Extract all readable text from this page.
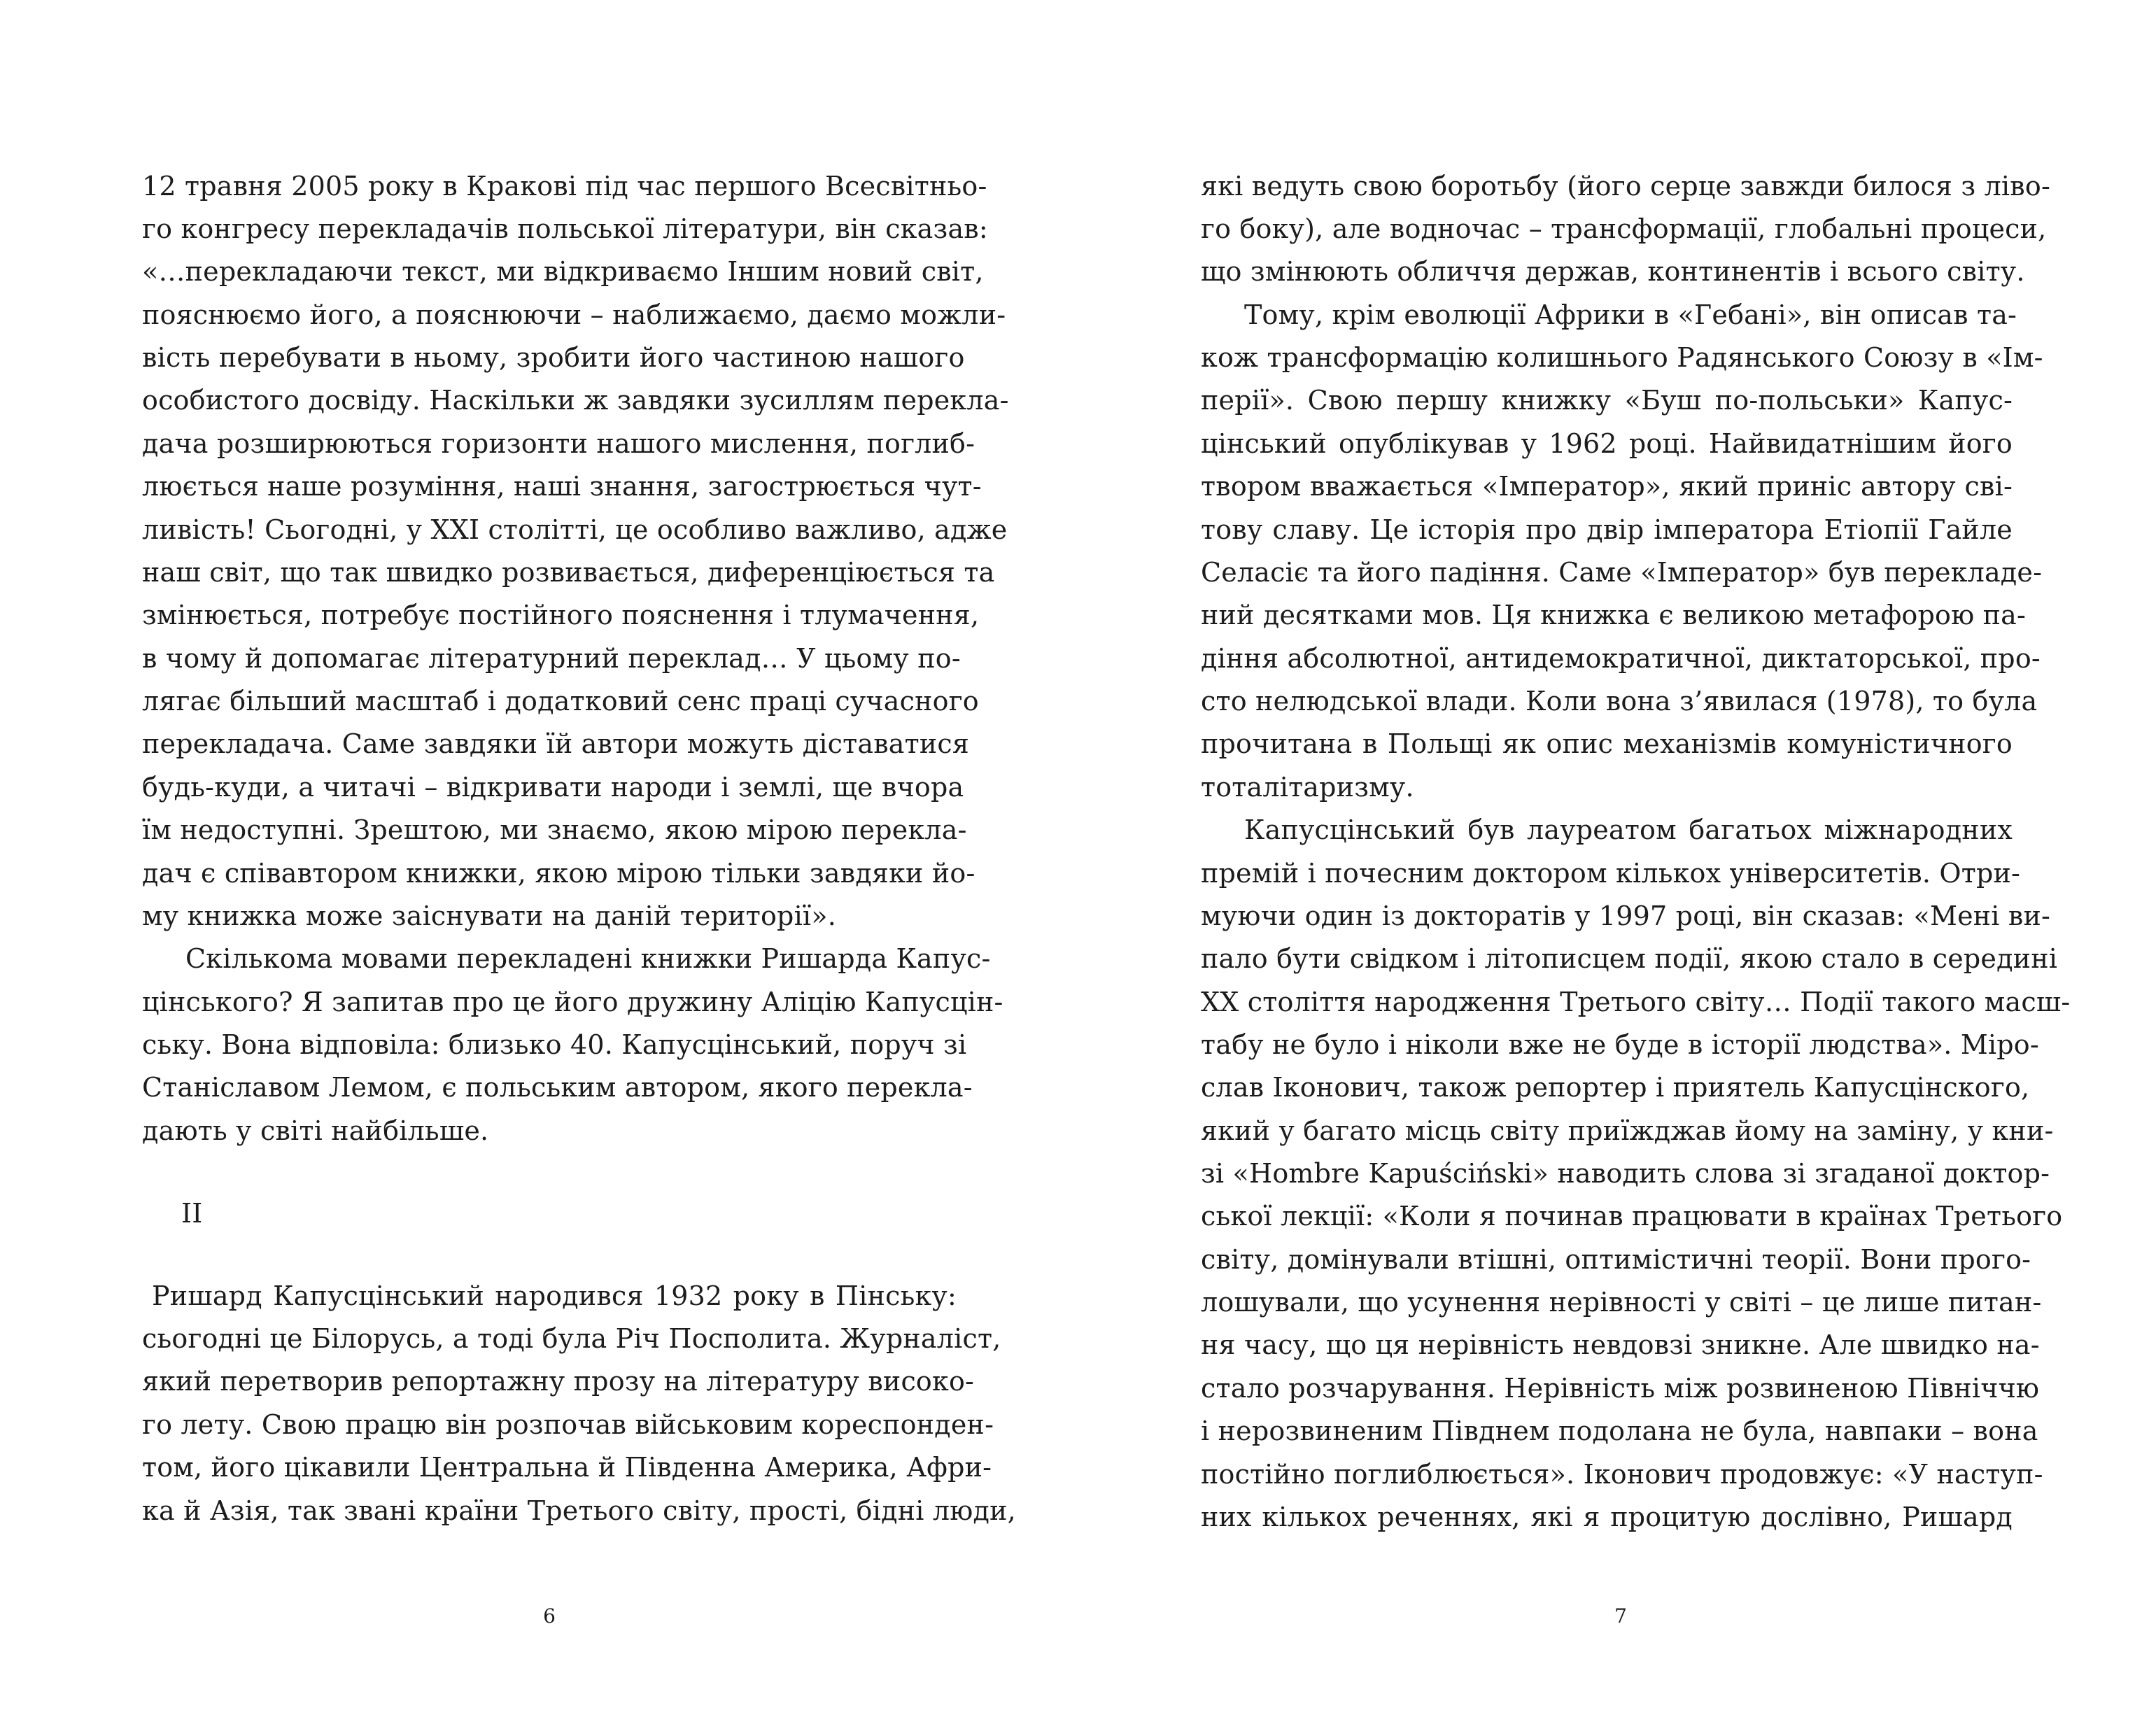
12 травня 2005 року в Кракові під час першого Всесвітньо-
го конгресу перекладачів польської літератури, він сказав:
«…перекладаючи текст, ми відкриваємо Іншим новий світ,
пояснюємо його, а пояснюючи – наближаємо, даємо можли-
вість перебувати в ньому, зробити його частиною нашого
особистого досвіду. Наскільки ж завдяки зусиллям перекла-
дача розширюються горизонти нашого мислення, поглиб-
люється наше розуміння, наші знання, загострюється чут-
ливість! Сьогодні, у XXI столітті, це особливо важливо, адже
наш світ, що так швидко розвивається, диференціюється та
змінюється, потребує постійного пояснення і тлумачення,
в чому й допомагає літературний переклад… У цьому по-
лягає більший масштаб і додатковий сенс праці сучасного
перекладача. Саме завдяки їй автори можуть діставатися
будь-куди, а читачі – відкривати народи і землі, ще вчора
їм недоступні. Зрештою, ми знаємо, якою мірою перекла-
дач є співавтором книжки, якою мірою тільки завдяки йо-
му книжка може заіснувати на даній території».
Скількома мовами перекладені книжки Ришарда Капус-
цінського? Я запитав про це його дружину Аліцію Капусцін-
ську. Вона відповіла: близько 40. Капусцінський, поруч зі
Станіславом Лемом, є польським автором, якого перекла-
дають у світі найбільше.
II
Ришард Капусцінський народився 1932 року в Пінську:
сьогодні це Білорусь, а тоді була Річ Посполита. Журналіст,
який перетворив репортажну прозу на літературу високо-
го лету. Свою працю він розпочав військовим кореспонден-
том, його цікавили Центральна й Південна Америка, Афри-
ка й Азія, так звані країни Третього світу, прості, бідні люди,
6
які ведуть свою боротьбу (його серце завжди билося з ліво-
го боку), але водночас – трансформації, глобальні процеси,
що змінюють обличчя держав, континентів і всього світу.
Тому, крім еволюції Африки в «Гебані», він описав та-
кож трансформацію колишнього Радянського Союзу в «Ім-
перії». Свою першу книжку «Буш по-польськи» Капус-
цінський опублікував у 1962 році. Найвидатнішим його
твором вважається «Імператор», який приніс автору сві-
тову славу. Це історія про двір імператора Етіопії Гайле
Селасіє та його падіння. Саме «Імператор» був перекладе-
ний десятками мов. Ця книжка є великою метафорою па-
діння абсолютної, антидемократичної, диктаторської, про-
сто нелюдської влади. Коли вона з’явилася (1978), то була
прочитана в Польщі як опис механізмів комуністичного
тоталітаризму.
Капусцінський був лауреатом багатьох міжнародних
премій і почесним доктором кількох університетів. Отри-
муючи один із докторатів у 1997 році, він сказав: «Мені ви-
пало бути свідком і літописцем події, якою стало в середині
XX століття народження Третього світу… Події такого масш-
табу не було і ніколи вже не буде в історії людства». Міро-
слав Іконович, також репортер і приятель Капусцінского,
який у багато місць світу приїжджав йому на заміну, у кни-
зі «Hombre Kapuściński» наводить слова зі згаданої доктор-
ської лекції: «Коли я починав працювати в країнах Третього
світу, домінували втішні, оптимістичні теорії. Вони прого-
лошували, що усунення нерівності у світі – це лише питан-
ня часу, що ця нерівність невдовзі зникне. Але швидко на-
стало розчарування. Нерівність між розвиненою Північчю
і нерозвиненим Півднем подолана не була, навпаки – вона
постійно поглиблюється». Іконович продовжує: «У наступ-
них кількох реченнях, які я процитую дослівно, Ришард
7
